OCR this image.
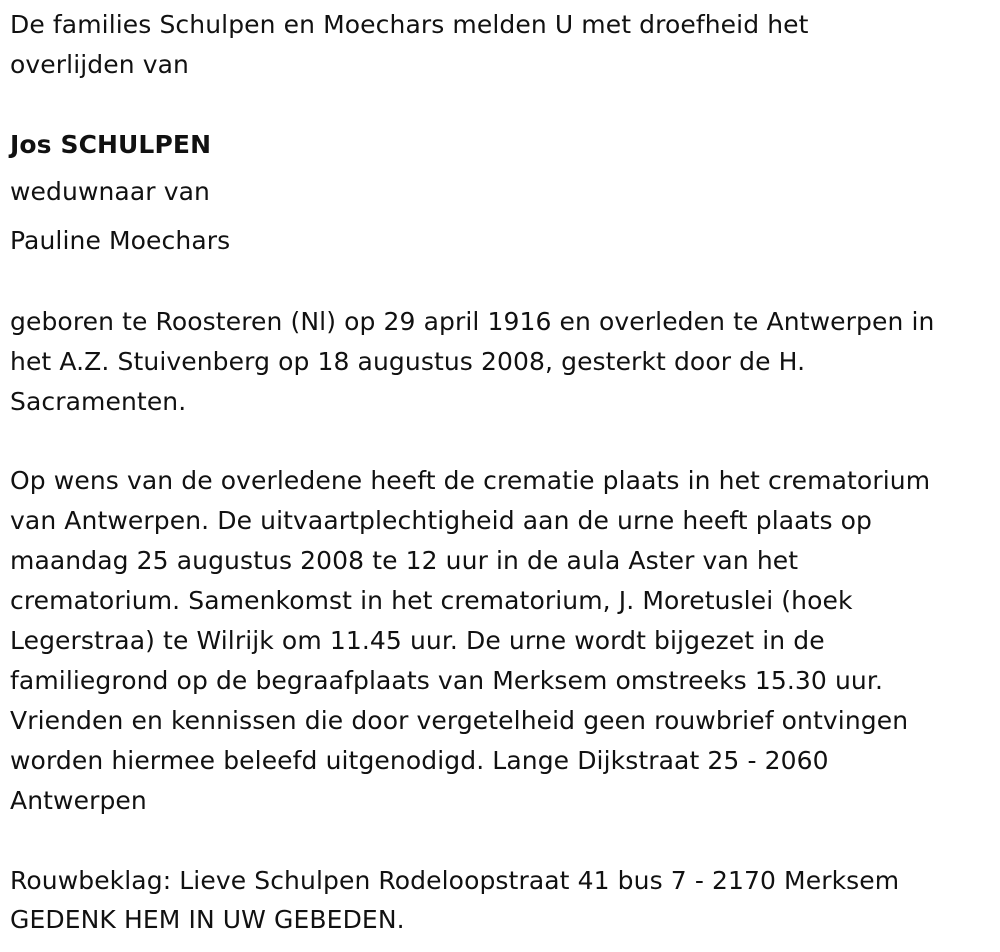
De families Schulpen en Moechars melden U met droefheid het
overlijden van
Jos SCHULPEN
weduwnaar van
Pauline Moechars
geboren te Roosteren (Nl) op 29 april 1916 en overleden te Antwerpen in
het A.Z. Stuivenberg op 18 augustus 2008, gesterkt door de H.
Sacramenten.
Op wens van de overledene heeft de crematie plaats in het crematorium
van Antwerpen. De uitvaartplechtigheid aan de urne heeft plaats op
maandag 25 augustus 2008 te 12 uur in de aula Aster van het
crematorium. Samenkomst in het crematorium, J. Moretuslei (hoek
Legerstraa) te Wilrijk om 11.45 uur. De urne wordt bijgezet in de
familiegrond op de begraafplaats van Merksem omstreeks 15.30 uur.
Vrienden en kennissen die door vergetelheid geen rouwbrief ontvingen
worden hiermee beleefd uitgenodigd. Lange Dijkstraat 25 - 2060
Antwerpen
Rouwbeklag: Lieve Schulpen Rodeloopstraat 41 bus 7 - 2170 Merksem
GEDENK HEM IN UW GEBEDEN.
